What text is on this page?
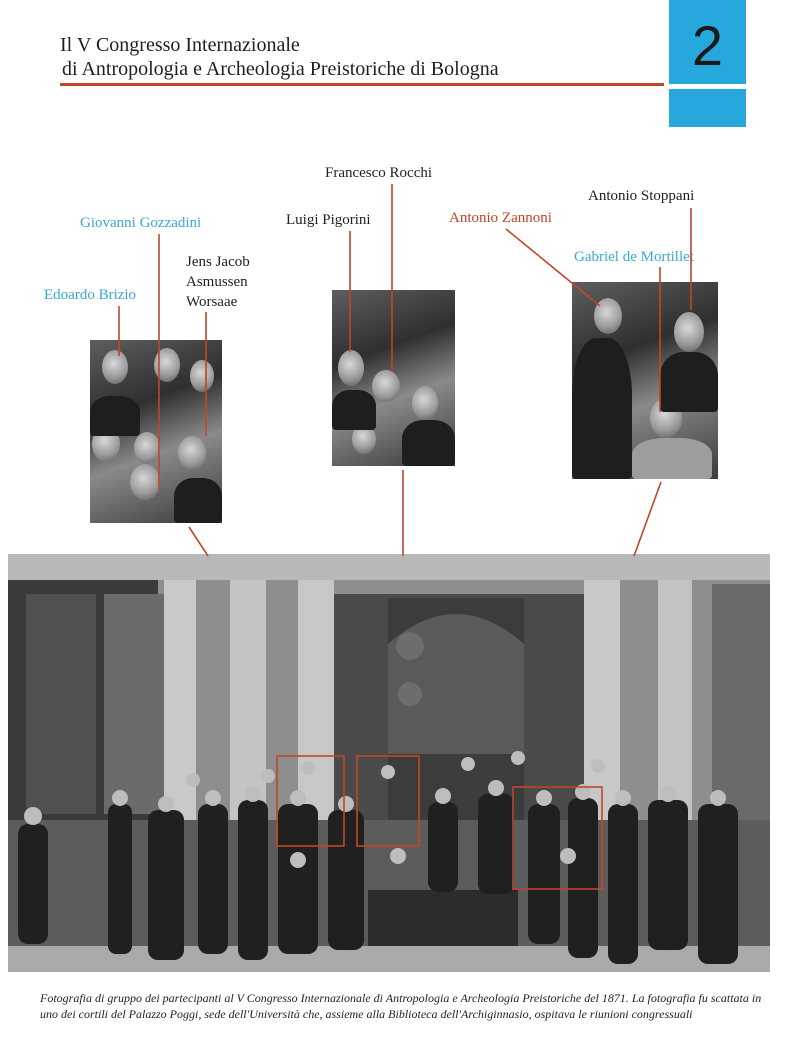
Il V Congresso Internazionale
di Antropologia e Archeologia Preistoriche di Bologna	2
Giovanni Gozzadini
Edoardo Brizio
Jens Jacob
Asmussen
Worsaae
Francesco Rocchi
Luigi Pigorini	Antonio Zannoni
Antonio Stoppani
Gabriel de Mortillet
Fotografia di gruppo dei partecipanti al V Congresso Internazionale di Antropologia e Archeologia Preistoriche del 1871. La fotografia fu scattata in uno dei cortili del Palazzo Poggi, sede dell'Università che, assieme alla Biblioteca dell'Archiginnasio, ospitava le riunioni congressuali
